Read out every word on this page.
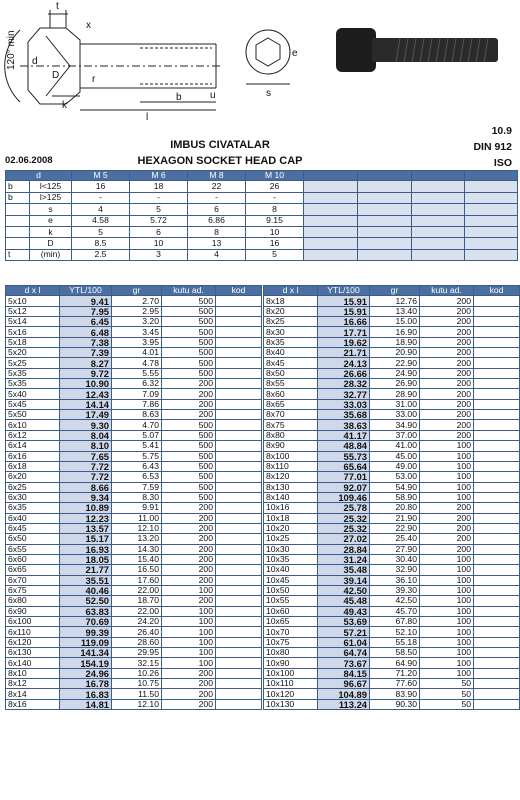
120° min
t
x
d
D	r
k
b	u
l
e
s
10.9
DIN 912
ISO
IMBUS CIVATALAR
HEXAGON SOCKET HEAD CAP
02.06.2008
d		M 5	M 6	M 8	M 10				
b	l<125	16	18	22	26				
b	l>125	-	-	-	-				
	s	4	5	6	8				
	e	4.58	5.72	6.86	9.15				
	k	5	6	8	10				
	D	8.5	10	13	16				
t	(min)	2.5	3	4	5				
d x l	YTL/100	gr	kutu ad.	kod
5x10	9.41	2.70	500	
5x12	7.95	2.95	500	
5x14	6.45	3.20	500	
5x16	6.48	3.45	500	
5x18	7.38	3.95	500	
5x20	7.39	4.01	500	
5x25	8.27	4.78	500	
5x35	9.72	5.55	500	
5x35	10.90	6.32	200	
5x40	12.43	7.09	200	
5x45	14.14	7.86	200	
5x50	17.49	8.63	200	
6x10	9.30	4.70	500	
6x12	8.04	5.07	500	
6x14	8.10	5.41	500	
6x16	7.65	5.75	500	
6x18	7.72	6.43	500	
6x20	7.72	6.53	500	
6x25	8.66	7.59	500	
6x30	9.34	8.30	500	
6x35	10.89	9.91	200	
6x40	12.23	11.00	200	
6x45	13.57	12.10	200	
6x50	15.17	13.20	200	
6x55	16.93	14.30	200	
6x60	18.05	15.40	200	
6x65	21.77	16.50	200	
6x70	35.51	17.60	200	
6x75	40.46	22.00	100	
6x80	52.50	18.70	200	
6x90	63.83	22.00	100	
6x100	70.69	24.20	100	
6x110	99.39	26.40	100	
6x120	119.09	28.60	100	
6x130	141.34	29.95	100	
6x140	154.19	32.15	100	
8x10	24.96	10.26	200	
8x12	16.78	10.75	200	
8x14	16.83	11.50	200	
8x16	14.81	12.10	200	
d x l	YTL/100	gr	kutu ad.	kod
8x18	15.91	12.76	200	
8x20	15.91	13.40	200	
8x25	16.66	15.00	200	
8x30	17.71	16.90	200	
8x35	19.62	18.90	200	
8x40	21.71	20.90	200	
8x45	24.13	22.90	200	
8x50	26.66	24.90	200	
8x55	28.32	26.90	200	
8x60	32.77	28.90	200	
8x65	33.03	31.00	200	
8x70	35.68	33.00	200	
8x75	38.63	34.90	200	
8x80	41.17	37.00	200	
8x90	48.84	41.00	100	
8x100	55.73	45.00	100	
8x110	65.64	49.00	100	
8x120	77.01	53.00	100	
8x130	92.07	54.90	100	
8x140	109.46	58.90	100	
10x16	25.78	20.80	200	
10x18	25.32	21.90	200	
10x20	25.32	22.90	200	
10x25	27.02	25.40	200	
10x30	28.84	27.90	200	
10x35	31.24	30.40	100	
10x40	35.48	32.90	100	
10x45	39.14	36.10	100	
10x50	42.50	39.30	100	
10x55	45.48	42.50	100	
10x60	49.43	45.70	100	
10x65	53.69	67.80	100	
10x70	57.21	52.10	100	
10x75	61.04	55.18	100	
10x80	64.74	58.50	100	
10x90	73.67	64.90	100	
10x100	84.15	71.20	100	
10x110	96.67	77.60	50	
10x120	104.89	83.90	50	
10x130	113.24	90.30	50	
